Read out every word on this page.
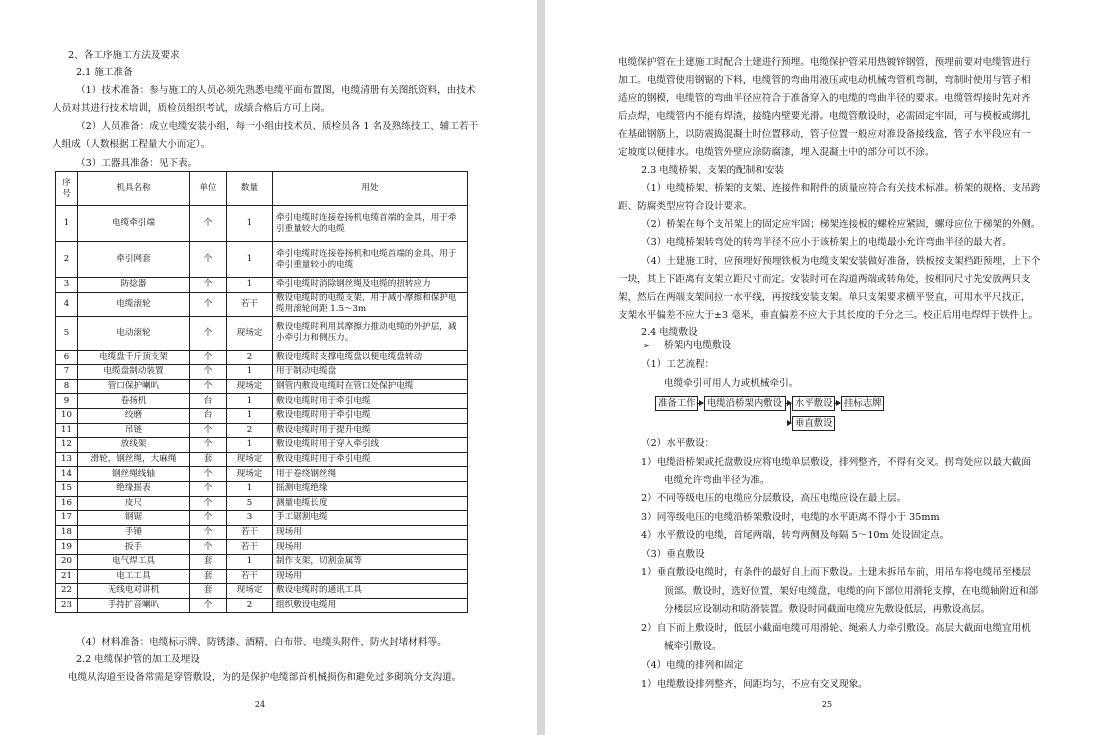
2、各工序施工方法及要求
2.1 施工准备
（1）技术准备：参与施工的人员必须先熟悉电缆平面布置图，电缆清册有关图纸资料，由技术
人员对其进行技术培训，质检员组织考试，成绩合格后方可上岗。
（2）人员准备：成立电缆安装小组，每一小组由技术员、质检员各 1 名及熟练技工、辅工若干
人组成（人数根据工程量大小而定）。
（3）工器具准备：见下表。
（4）材料准备：电缆标示牌、防锈漆、酒精、白布带、电缆头附件、防火封堵材料等。
2.2 电缆保护管的加工及埋设
电缆从沟道至设备常需是穿管敷设，为的是保护电缆部首机械损伤和避免过多砌筑分支沟道。
序
号	机具名称	单位	数量	用处
1	电缆牵引端	个	1	牵引电缆时连接卷扬机电缆首端的金具，用于牵引重量较大的电缆
2	牵引网套	个	1	牵引电缆时连接卷扬机和电缆首端的金具，用于牵引重量较小的电缆
3	防捻器	个	1	牵引电缆时消除钢丝绳及电缆的扭转应力
4	电缆滚轮	个	若干	敷设电缆时的电缆支架，用于减小摩擦和保护电缆用滚轮间距 1.5～3m
5	电动滚轮	个	现场定	敷设电缆时利用其摩擦力推动电缆的外护层，减小牵引力和侧压力。
6	电缆盘千斤顶支架	个	2	敷设电缆时支撑电缆盘以便电缆盘转动
7	电缆盘制动装置	个	1	用于制动电缆盘
8	管口保护喇叭	个	现场定	钢管内敷设电缆时在管口处保护电缆
9	卷扬机	台	1	敷设电缆时用于牵引电缆
10	绞磨	台	1	敷设电缆时用于牵引电缆
11	吊链	个	2	敷设电缆时用于提升电缆
12	放线架	个	1	敷设电缆时用于穿入牵引线
13	滑轮，钢丝绳，大麻绳	套	现场定	敷设电缆时用于牵引电缆
14	钢丝绳线轴	个	现场定	用于卷绕钢丝绳
15	绝缘摇表	个	1	摇测电缆绝缘
16	皮尺	个	5	测量电缆长度
17	钢锯	个	3	手工锯割电缆
18	手锤	个	若干	现场用
19	扳手	个	若干	现场用
20	电气焊工具	套	1	制作支架，切割金属等
21	电工工具	套	若干	现场用
22	无线电对讲机	套	现场定	敷设电缆时的通讯工具
23	手持扩音喇叭	个	2	组织敷设电缆用
24
电缆保护管在土建施工时配合土建进行预埋。电缆保护管采用热镀锌钢管，预埋前要对电缆管进行
加工。电缆管使用钢锯的下料，电缆管的弯曲用液压或电动机械弯管机弯制，弯制时使用与管子相
适应的钢模，电缆管的弯曲半径应符合于准备穿入的电缆的弯曲半径的要求。电缆管焊接时先对齐
后点焊，电缆管内不能有焊渣，接缝内壁要光滑。电缆管敷设时，必需固定牢固，可与模板或绑扎
在基础钢筋上，以防震捣混凝土时位置移动，管子位置一般应对准设备接线盒，管子水平段应有一
定坡度以便排水。电缆管外壁应涂防腐漆，埋入混凝土中的部分可以不涂。
2.3 电缆桥架、支架的配制和安装
（1）电缆桥架、桥架的支架、连接件和附件的质量应符合有关技术标准。桥架的规格、支吊跨
距、防腐类型应符合设计要求。
（2）桥架在每个支吊架上的固定应牢固；梯架连接板的螺栓应紧固，螺母应位于梯架的外侧。
（3）电缆桥架转弯处的转弯半径不应小于该桥架上的电缆最小允许弯曲半径的最大者。
（4）土建施工时，应预埋好预埋铁板为电缆支架安装做好准备，铁板按支架档距预埋，上下个
一块，其上下距离有支架立距尺寸而定。安装时可在沟道两端或转角处，按相同尺寸先安放两只支
架，然后在两端支架间拉一水平线，再按线安装支架。单只支架要求横平竖直，可用水平尺找正，
支架水平偏差不应大于±3 毫米，垂直偏差不应大于其长度的千分之三。校正后用电焊焊于铁件上。
2.4 电缆敷设
➢ 桥架内电缆敷设
（1）工艺流程：
电缆牵引可用人力或机械牵引。
准备工作	电缆沿桥架内敷设	水平敷设	挂标志牌
垂直敷设
（2）水平敷设：
1）电缆沿桥架或托盘敷设应将电缆单层敷设，排列整齐，不得有交叉。拐弯处应以最大截面
电缆允许弯曲半径为准。
2）不同等级电压的电缆应分层敷设，高压电缆应设在最上层。
3）同等级电压的电缆沿桥架敷设时，电缆的水平距离不得小于 35mm
4）水平敷设的电缆，首尾两端，转弯两侧及每隔 5～10m 处设固定点。
（3）垂直敷设
1）垂直敷设电缆时，有条件的最好自上而下敷设。土建未拆吊车前，用吊车将电缆吊至楼层
顶部。敷设时，选好位置，架好电缆盘，电缆的向下部位用滑轮支撑，在电缆轴附近和部
分楼层应设制动和防滑装置。敷设时同截面电缆应先敷设低层，再敷设高层。
2）自下而上敷设时，低层小截面电缆可用滑轮、绳索人力牵引敷设。高层大截面电缆宜用机
械牵引敷设。
（4）电缆的排列和固定
1）电缆敷设排列整齐，间距均匀，不应有交叉现象。
25
